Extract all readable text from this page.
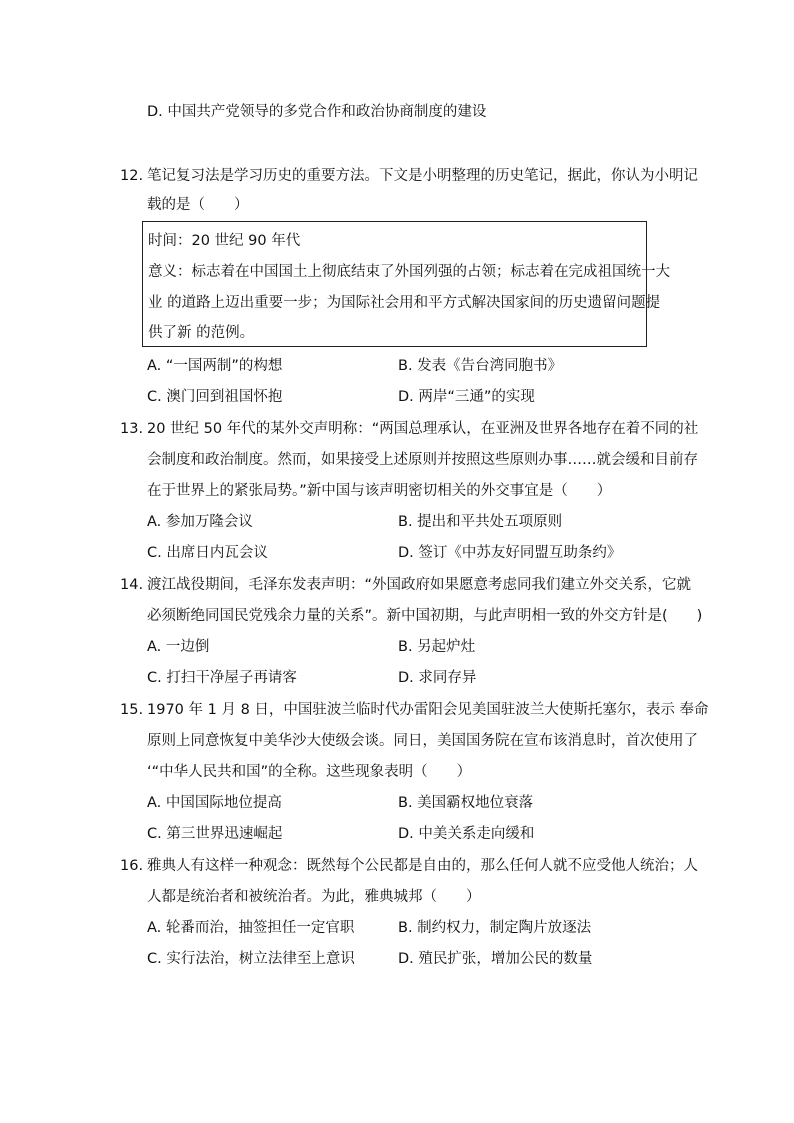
D. 中国共产党领导的多党合作和政治协商制度的建设
12. 笔记复习法是学习历史的重要方法。下文是小明整理的历史笔记，据此，你认为小明记
载的是（　　）
时间：20 世纪 90 年代
意义：标志着在中国国土上彻底结束了外国列强的占领；标志着在完成祖国统一大
业 的道路上迈出重要一步；为国际社会用和平方式解决国家间的历史遗留问题提
供了新 的范例。
A. “一国两制”的构想	B. 发表《告台湾同胞书》
C. 澳门回到祖国怀抱	D. 两岸“三通”的实现
13. 20 世纪 50 年代的某外交声明称：“两国总理承认，在亚洲及世界各地存在着不同的社
会制度和政治制度。然而，如果接受上述原则并按照这些原则办事……就会缓和目前存
在于世界上的紧张局势。”新中国与该声明密切相关的外交事宜是（　　）
A. 参加万隆会议	B. 提出和平共处五项原则
C. 出席日内瓦会议	D. 签订《中苏友好同盟互助条约》
14. 渡江战役期间，毛泽东发表声明：“外国政府如果愿意考虑同我们建立外交关系，它就
必须断绝同国民党残余力量的关系”。新中国初期，与此声明相一致的外交方针是(　　)
A. 一边倒	B. 另起炉灶
C. 打扫干净屋子再请客	D. 求同存异
15. 1970 年 1 月 8 日，中国驻波兰临时代办雷阳会见美国驻波兰大使斯托塞尔，表示 奉命
原则上同意恢复中美华沙大使级会谈。同日，美国国务院在宣布该消息时，首次使用了
‘“中华人民共和国”的全称。这些现象表明（　　）
A. 中国国际地位提高	B. 美国霸权地位衰落
C. 第三世界迅速崛起	D. 中美关系走向缓和
16. 雅典人有这样一种观念：既然每个公民都是自由的，那么任何人就不应受他人统治；人
人都是统治者和被统治者。为此，雅典城邦（　　）
A. 轮番而治，抽签担任一定官职	B. 制约权力，制定陶片放逐法
C. 实行法治，树立法律至上意识	D. 殖民扩张，增加公民的数量
